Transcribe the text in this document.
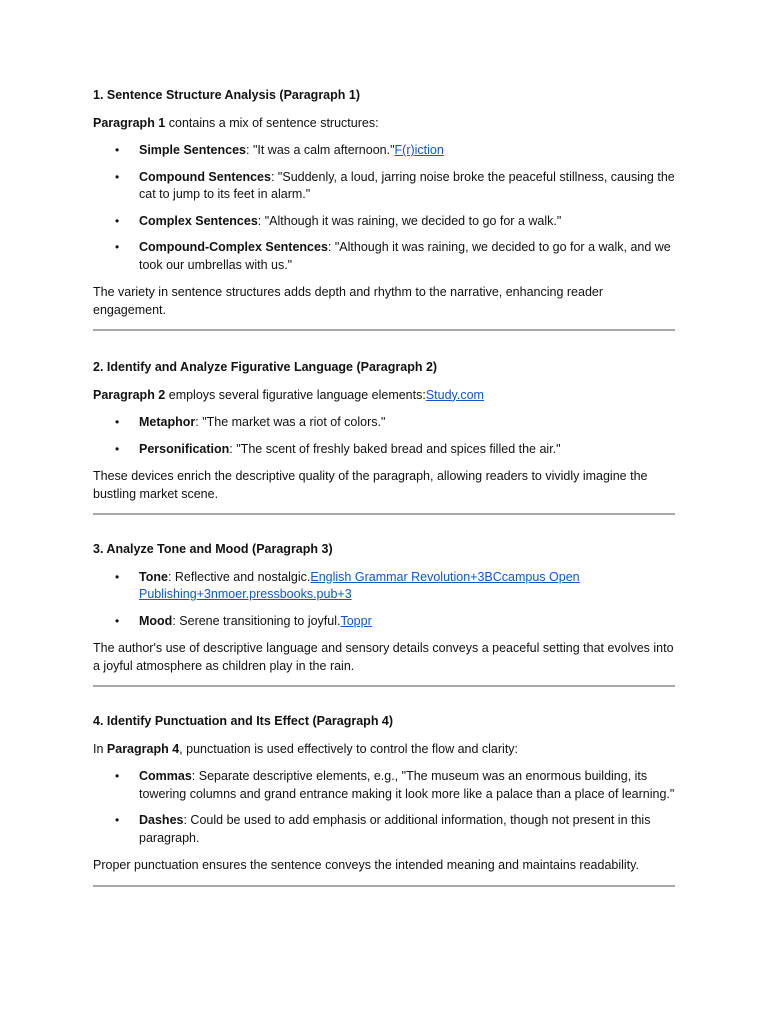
1. Sentence Structure Analysis (Paragraph 1)

Paragraph 1 contains a mix of sentence structures:

• Simple Sentences: "It was a calm afternoon."F(r)iction
• Compound Sentences: "Suddenly, a loud, jarring noise broke the peaceful stillness, causing the cat to jump to its feet in alarm."
• Complex Sentences: "Although it was raining, we decided to go for a walk."
• Compound-Complex Sentences: "Although it was raining, we decided to go for a walk, and we took our umbrellas with us."

The variety in sentence structures adds depth and rhythm to the narrative, enhancing reader engagement.

2. Identify and Analyze Figurative Language (Paragraph 2)

Paragraph 2 employs several figurative language elements:Study.com

• Metaphor: "The market was a riot of colors."
• Personification: "The scent of freshly baked bread and spices filled the air."

These devices enrich the descriptive quality of the paragraph, allowing readers to vividly imagine the bustling market scene.

3. Analyze Tone and Mood (Paragraph 3)
• Tone: Reflective and nostalgic.English Grammar Revolution+3BCcampus Open Publishing+3nmoer.pressbooks.pub+3
• Mood: Serene transitioning to joyful.Toppr

The author's use of descriptive language and sensory details conveys a peaceful setting that evolves into a joyful atmosphere as children play in the rain.

4. Identify Punctuation and Its Effect (Paragraph 4)

In Paragraph 4, punctuation is used effectively to control the flow and clarity:

• Commas: Separate descriptive elements, e.g., "The museum was an enormous building, its towering columns and grand entrance making it look more like a palace than a place of learning."
• Dashes: Could be used to add emphasis or additional information, though not present in this paragraph.

Proper punctuation ensures the sentence conveys the intended meaning and maintains readability.
